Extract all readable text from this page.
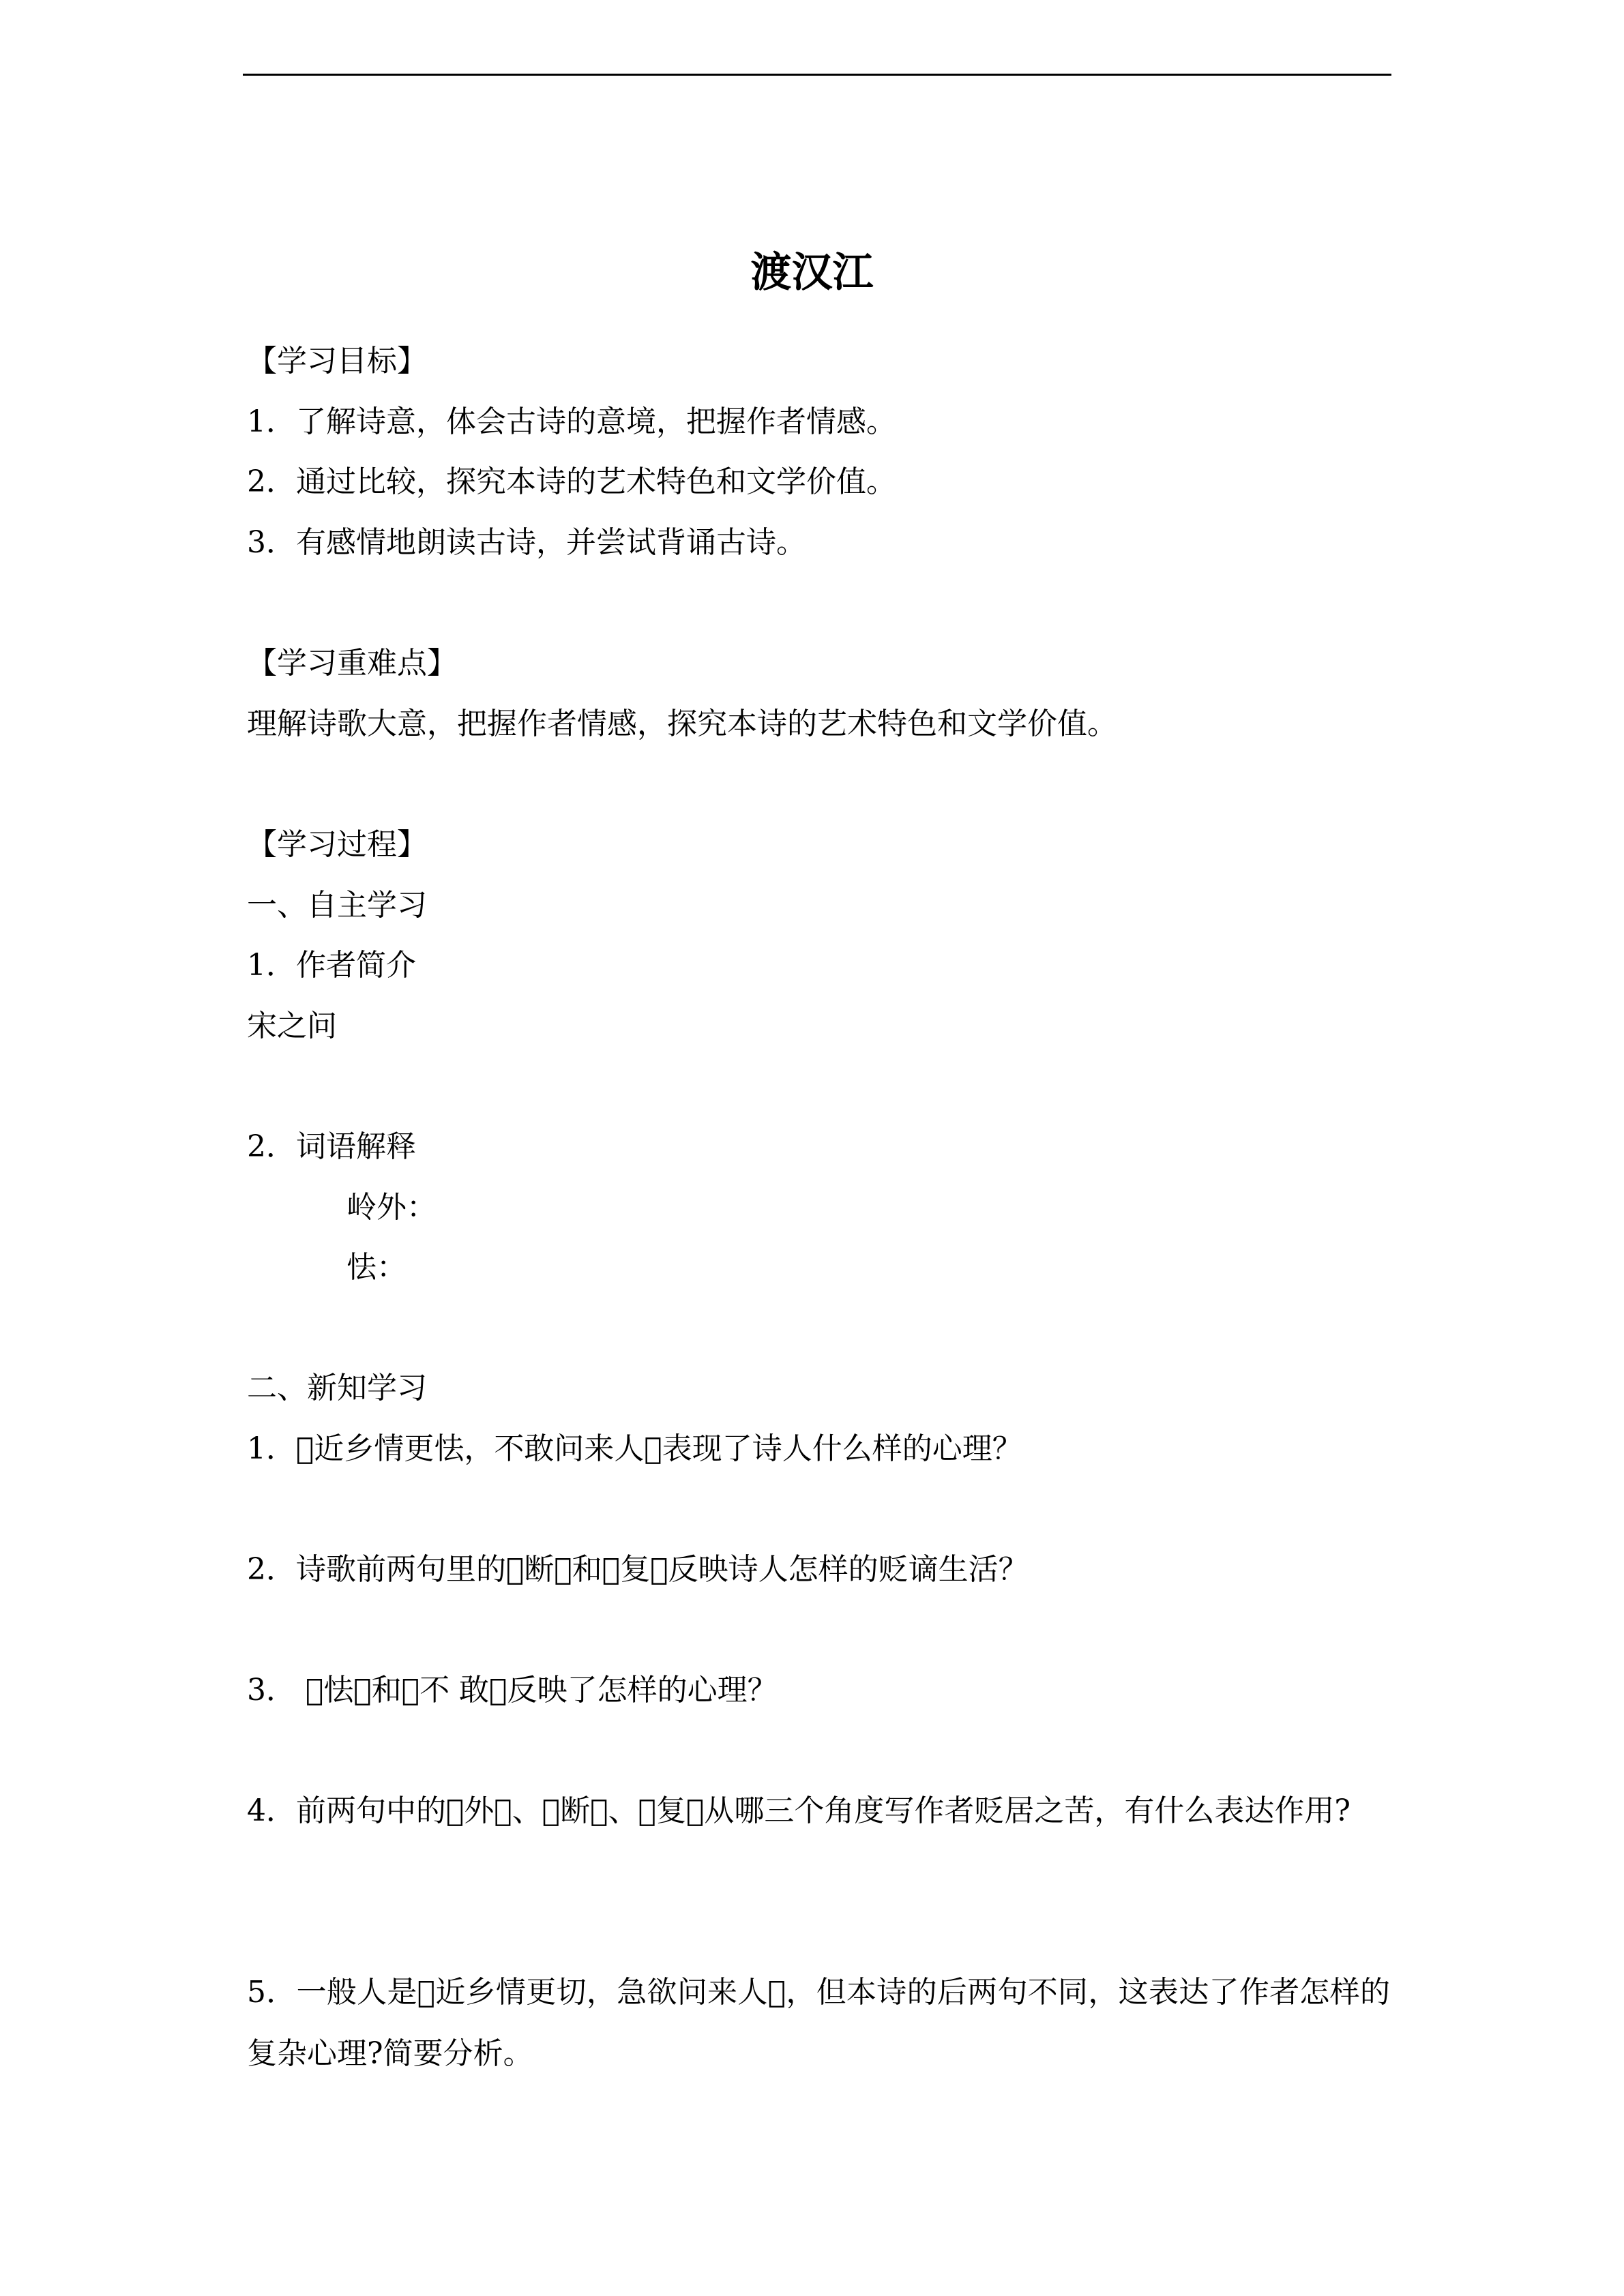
渡汉江
【学习目标】
1．了解诗意，体会古诗的意境，把握作者情感。
2．通过比较，探究本诗的艺术特色和文学价值。
3．有感情地朗读古诗，并尝试背诵古诗。
【学习重难点】
理解诗歌大意，把握作者情感，探究本诗的艺术特色和文学价值。
【学习过程】
一、自主学习
1．作者简介
宋之问
2．词语解释
岭外：
怯：
二、新知学习
1． 近乡情更怯，不敢问来人 表现了诗人什么样的心理？
2．诗歌前两句里的 断 和 复 反映诗人怎样的贬谪生活？
3．  怯 和 不 敢 反映了怎样的心理？
4．前两句中的 外 、 断 、 复 从哪三个角度写作者贬居之苦，有什么表达作用?
5．一般人是 近乡情更切，急欲问来人 ，但本诗的后两句不同，这表达了作者怎样的复杂心理?简要分析。
